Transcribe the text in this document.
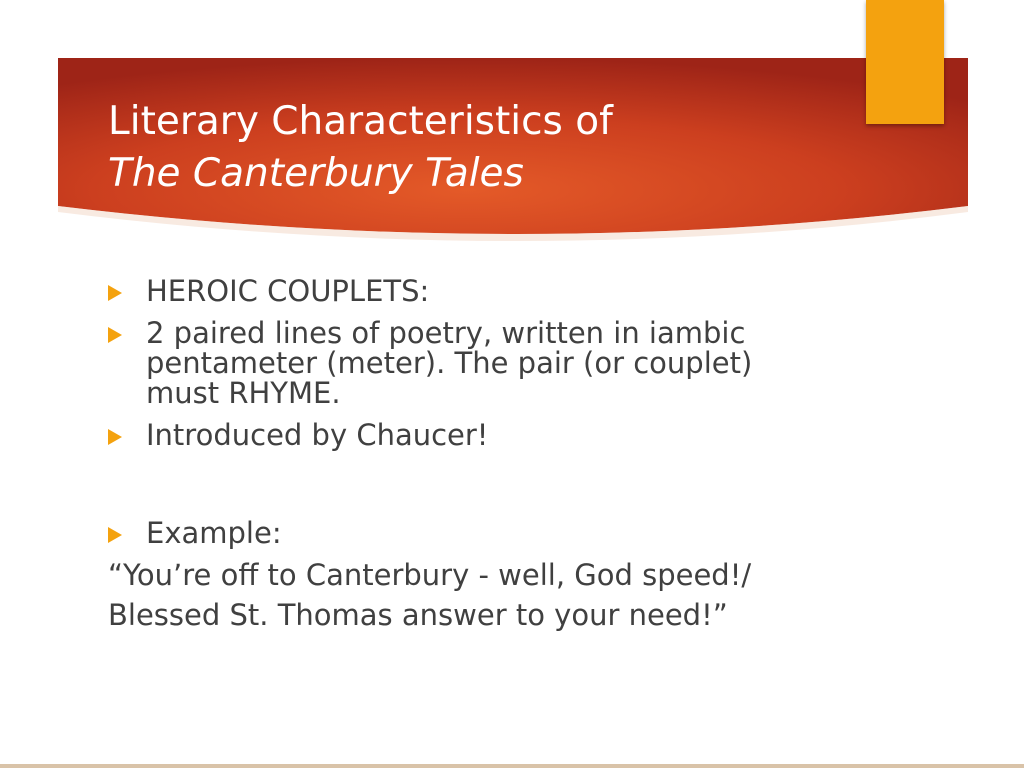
Literary Characteristics of
The Canterbury Tales
HEROIC COUPLETS:
2 paired lines of poetry, written in iambic pentameter (meter). The pair (or couplet) must RHYME.
Introduced by Chaucer!
Example:
“You’re off to Canterbury - well, God speed!/
Blessed St. Thomas answer to your need!”
